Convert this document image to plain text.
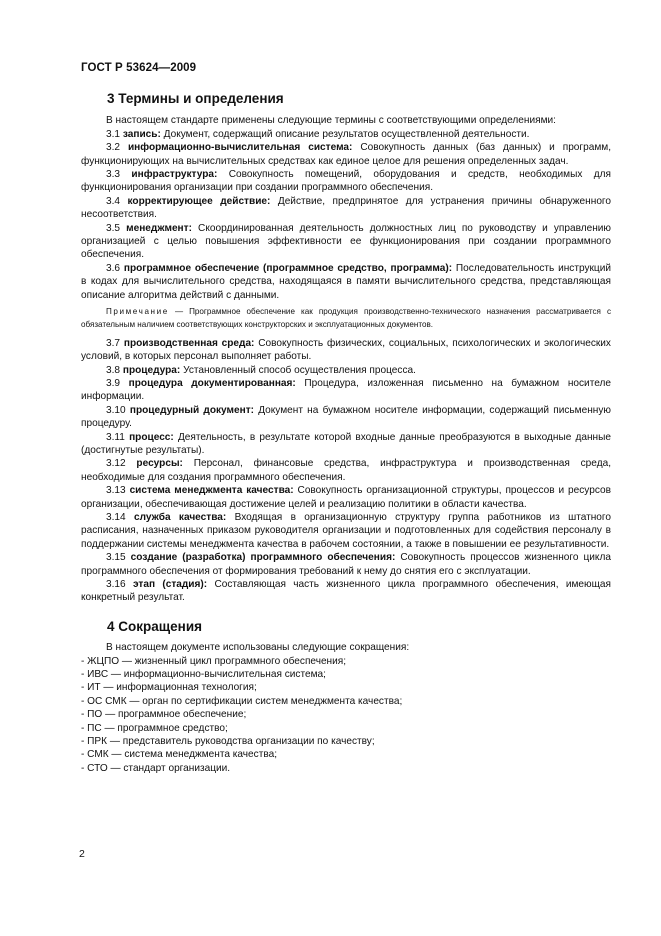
ГОСТ Р 53624—2009
3 Термины и определения

В настоящем стандарте применены следующие термины с соответствующими определениями:

3.1 запись: Документ, содержащий описание результатов осуществленной деятельности.

3.2 информационно-вычислительная система: Совокупность данных (баз данных) и программ, функционирующих на вычислительных средствах как единое целое для решения определенных задач.

3.3 инфраструктура: Совокупность помещений, оборудования и средств, необходимых для функционирования организации при создании программного обеспечения.

3.4 корректирующее действие: Действие, предпринятое для устранения причины обнаруженного несоответствия.

3.5 менеджмент: Скоординированная деятельность должностных лиц по руководству и управлению организацией с целью повышения эффективности ее функционирования при создании программного обеспечения.

3.6 программное обеспечение (программное средство, программа): Последовательность инструкций в кодах для вычислительного средства, находящаяся в памяти вычислительного средства, представляющая описание алгоритма действий с данными.

Примечание — Программное обеспечение как продукция производственно-технического назначения рассматривается с обязательным наличием соответствующих конструкторских и эксплуатационных документов.

3.7 производственная среда: Совокупность физических, социальных, психологических и экологических условий, в которых персонал выполняет работы.

3.8 процедура: Установленный способ осуществления процесса.

3.9 процедура документированная: Процедура, изложенная письменно на бумажном носителе информации.

3.10 процедурный документ: Документ на бумажном носителе информации, содержащий письменную процедуру.

3.11 процесс: Деятельность, в результате которой входные данные преобразуются в выходные данные (достигнутые результаты).

3.12 ресурсы: Персонал, финансовые средства, инфраструктура и производственная среда, необходимые для создания программного обеспечения.

3.13 система менеджмента качества: Совокупность организационной структуры, процессов и ресурсов организации, обеспечивающая достижение целей и реализацию политики в области качества.

3.14 служба качества: Входящая в организационную структуру группа работников из штатного расписания, назначенных приказом руководителя организации и подготовленных для содействия персоналу в поддержании системы менеджмента качества в рабочем состоянии, а также в повышении ее результативности.

3.15 создание (разработка) программного обеспечения: Совокупность процессов жизненного цикла программного обеспечения от формирования требований к нему до снятия его с эксплуатации.

3.16 этап (стадия): Составляющая часть жизненного цикла программного обеспечения, имеющая конкретный результат.

4 Сокращения

В настоящем документе использованы следующие сокращения:

- ЖЦПО — жизненный цикл программного обеспечения;
- ИВС — информационно-вычислительная система;
- ИТ — информационная технология;
- ОС СМК — орган по сертификации систем менеджмента качества;
- ПО — программное обеспечение;
- ПС — программное средство;
- ПРК — представитель руководства организации по качеству;
- СМК — система менеджмента качества;
- СТО — стандарт организации.
2
